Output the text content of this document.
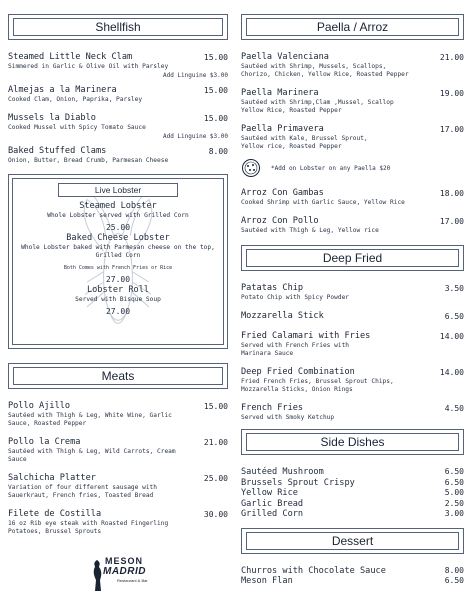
Shellfish
Steamed Little Neck Clam	15.00
Simmered in Garlic & Olive Oil with Parsley
Add Linguine $3.00
Almejas a la Marinera	15.00
Cooked Clam, Onion, Paprika, Parsley
Mussels la Diablo	15.00
Cooked Mussel with Spicy Tomato Sauce
Add Linguine $3.00
Baked Stuffed Clams	8.00
Onion, Butter, Bread Crumb, Parmesan Cheese
Live Lobster
Steamed Lobster
Whole Lobster served with Grilled Corn
25.00
Baked Cheese Lobster
Whole Lobster baked with Parmesan cheese on the top, Grilled Corn
Both Comes with French Fries or Rice
27.00
Lobster Roll
Served with Bisque Soup
27.00
Meats
Pollo Ajillo	15.00
Sautéed with Thigh & Leg, White Wine, Garlic Sauce, Roasted Pepper
Pollo la Crema	21.00
Sautéed with Thigh & Leg, Wild Carrots, Cream Sauce
Salchicha Platter	25.00
Variation of four different sausage with Sauerkraut, French fries, Toasted Bread
Filete de Costilla	30.00
16 oz Rib eye steak with Roasted Fingerling Potatoes, Brussel Sprouts
MESON
MADRID
Restaurant & Bar
Paella / Arroz
Paella Valenciana	21.00
Sautéed with Shrimp, Mussels, Scallops, Chorizo, Chicken, Yellow Rice, Roasted Pepper
Paella Marinera	19.00
Sautéed with Shrimp,Clam ,Mussel, Scallop Yellow Rice, Roasted Pepper
Paella Primavera	17.00
Sautéed with Kale, Brussel Sprout, Yellow rice, Roasted Pepper
*Add on Lobster on any Paella $20
Arroz Con Gambas	18.00
Cooked Shrimp with Garlic Sauce, Yellow Rice
Arroz Con Pollo	17.00
Sautéed with Thigh & Leg, Yellow rice
Deep Fried
Patatas Chip	3.50
Potato Chip with Spicy Powder
Mozzarella Stick	6.50
Fried Calamari with Fries	14.00
Served with French Fries with Marinara Sauce
Deep Fried Combination	14.00
Fried French Fries, Brussel Sprout Chips, Mozzarella Sticks, Onion Rings
French Fries	4.50
Served with Smoky Ketchup
Side Dishes
Sautéed Mushroom	6.50
Brussels Sprout Crispy	6.50
Yellow Rice	5.00
Garlic Bread	2.50
Grilled Corn	3.00
Dessert
Churros with Chocolate Sauce	8.00
Meson Flan	6.50
